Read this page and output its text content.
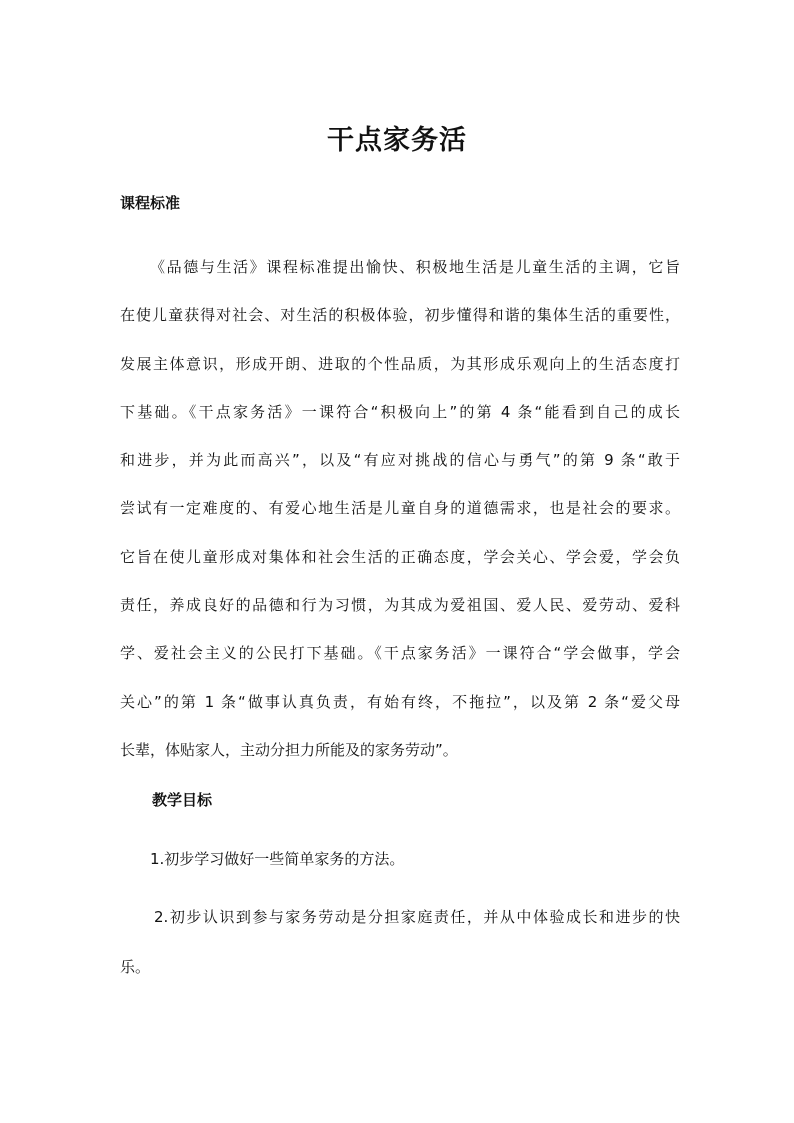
干点家务活
课程标准
《品德与生活》课程标准提出愉快、积极地生活是儿童生活的主调，它旨
在使儿童获得对社会、对生活的积极体验，初步懂得和谐的集体生活的重要性，
发展主体意识，形成开朗、进取的个性品质，为其形成乐观向上的生活态度打
下基础。《干点家务活》一课符合“积极向上”的第 4 条“能看到自己的成长
和进步，并为此而高兴”，以及“有应对挑战的信心与勇气”的第 9 条“敢于
尝试有一定难度的、有爱心地生活是儿童自身的道德需求，也是社会的要求。
它旨在使儿童形成对集体和社会生活的正确态度，学会关心、学会爱，学会负
责任，养成良好的品德和行为习惯，为其成为爱祖国、爱人民、爱劳动、爱科
学、爱社会主义的公民打下基础。《干点家务活》一课符合“学会做事，学会
关心”的第 1 条“做事认真负责，有始有终，不拖拉”，以及第 2 条“爱父母
长辈，体贴家人，主动分担力所能及的家务劳动”。
教学目标
1.初步学习做好一些简单家务的方法。
2.初步认识到参与家务劳动是分担家庭责任，并从中体验成长和进步的快
乐。
